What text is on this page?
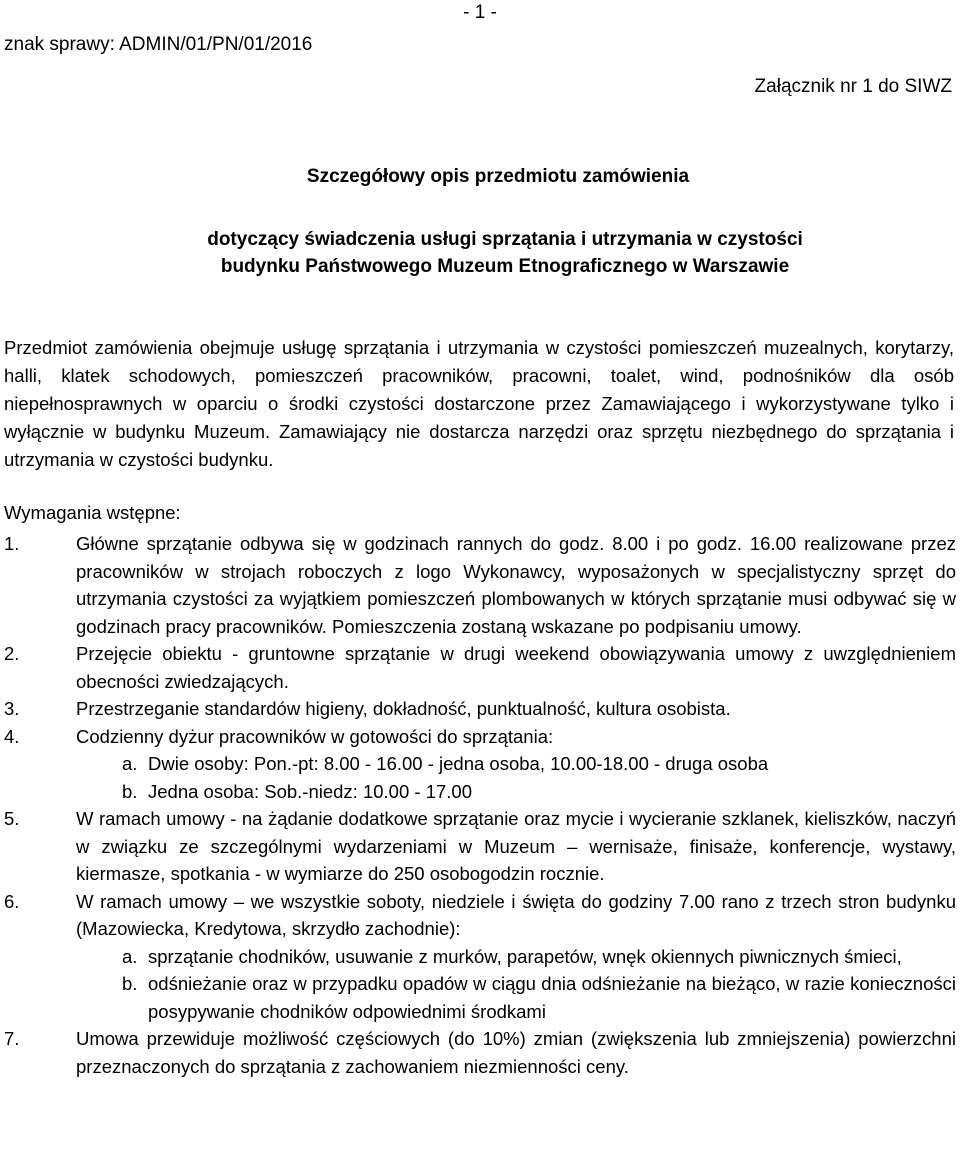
- 1 -
znak sprawy: ADMIN/01/PN/01/2016
Załącznik nr 1 do SIWZ
Szczegółowy opis przedmiotu zamówienia
dotyczący świadczenia usługi sprzątania i utrzymania w czystości
budynku Państwowego Muzeum Etnograficznego w Warszawie

Przedmiot zamówienia obejmuje usługę sprzątania i utrzymania w czystości pomieszczeń muzealnych, korytarzy, halli, klatek schodowych, pomieszczeń pracowników, pracowni, toalet, wind, podnośników dla osób niepełnosprawnych w oparciu o środki czystości dostarczone przez Zamawiającego i wykorzystywane tylko i wyłącznie w budynku Muzeum. Zamawiający nie dostarcza narzędzi oraz sprzętu niezbędnego do sprzątania i utrzymania w czystości budynku.

Wymagania wstępne:
1.	Główne sprzątanie odbywa się w godzinach rannych do godz. 8.00 i po godz. 16.00 realizowane przez pracowników w strojach roboczych z logo Wykonawcy, wyposażonych w specjalistyczny sprzęt do utrzymania czystości za wyjątkiem pomieszczeń plombowanych w których sprzątanie musi odbywać się w godzinach pracy pracowników. Pomieszczenia zostaną wskazane po podpisaniu umowy.
2.	Przejęcie obiektu - gruntowne sprzątanie w drugi weekend obowiązywania umowy z uwzględnieniem obecności zwiedzających.
3.	Przestrzeganie standardów higieny, dokładność, punktualność, kultura osobista.
4.	Codzienny dyżur pracowników w gotowości do sprzątania:
a. Dwie osoby: Pon.-pt: 8.00 - 16.00 - jedna osoba, 10.00-18.00 - druga osoba
b. Jedna osoba: Sob.-niedz: 10.00 - 17.00
5.	W ramach umowy - na żądanie dodatkowe sprzątanie oraz mycie i wycieranie szklanek, kieliszków, naczyń w związku ze szczególnymi wydarzeniami w Muzeum – wernisaże, finisaże, konferencje, wystawy, kiermasze, spotkania - w wymiarze do 250 osobogodzin rocznie.
6.	W ramach umowy – we wszystkie soboty, niedziele i święta do godziny 7.00 rano z trzech stron budynku (Mazowiecka, Kredytowa, skrzydło zachodnie):
a. sprzątanie chodników, usuwanie z murków, parapetów, wnęk okiennych piwnicznych śmieci,
b. odśnieżanie oraz w przypadku opadów w ciągu dnia odśnieżanie na bieżąco, w razie konieczności posypywanie chodników odpowiednimi środkami
7.	Umowa przewiduje możliwość częściowych (do 10%) zmian (zwiększenia lub zmniejszenia) powierzchni przeznaczonych do sprzątania z zachowaniem niezmienności ceny.
